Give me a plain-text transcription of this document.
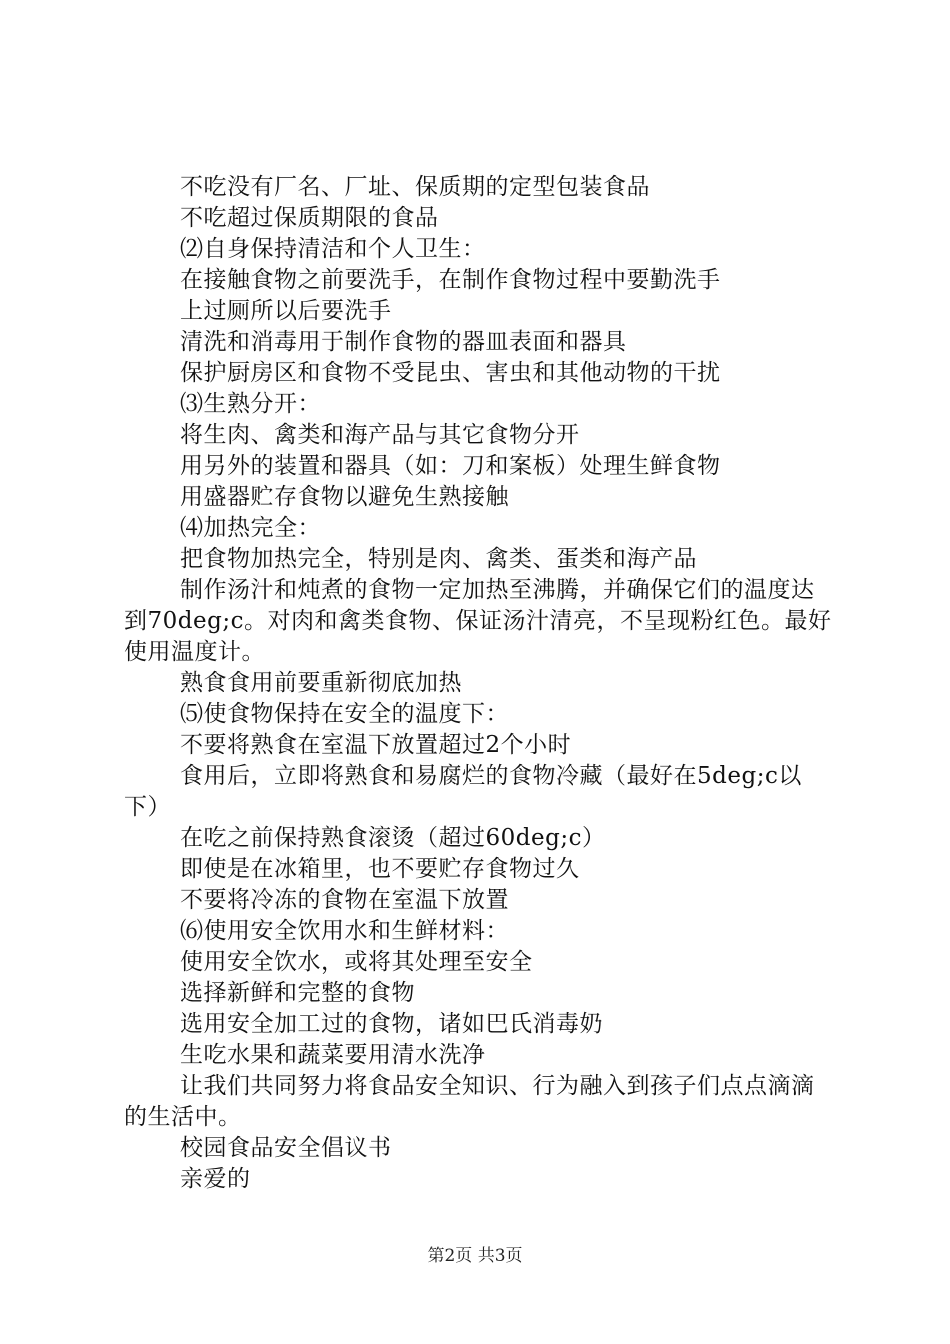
不吃没有厂名、厂址、保质期的定型包装食品

不吃超过保质期限的食品

⑵自身保持清洁和个人卫生：

在接触食物之前要洗手，在制作食物过程中要勤洗手

上过厕所以后要洗手

清洗和消毒用于制作食物的器皿表面和器具

保护厨房区和食物不受昆虫、害虫和其他动物的干扰

⑶生熟分开：

将生肉、禽类和海产品与其它食物分开

用另外的装置和器具（如：刀和案板）处理生鲜食物

用盛器贮存食物以避免生熟接触

⑷加热完全：

把食物加热完全，特别是肉、禽类、蛋类和海产品

制作汤汁和炖煮的食物一定加热至沸腾，并确保它们的温度达到70deg;c。对肉和禽类食物、保证汤汁清亮，不呈现粉红色。最好使用温度计。

熟食食用前要重新彻底加热

⑸使食物保持在安全的温度下：

不要将熟食在室温下放置超过2个小时

食用后，立即将熟食和易腐烂的食物冷藏（最好在5deg;c以下）

在吃之前保持熟食滚烫（超过60deg;c）

即使是在冰箱里，也不要贮存食物过久

不要将冷冻的食物在室温下放置

⑹使用安全饮用水和生鲜材料：

使用安全饮水，或将其处理至安全

选择新鲜和完整的食物

选用安全加工过的食物，诸如巴氏消毒奶

生吃水果和蔬菜要用清水洗净

让我们共同努力将食品安全知识、行为融入到孩子们点点滴滴的生活中。

校园食品安全倡议书

亲爱的

第2页 共3页
